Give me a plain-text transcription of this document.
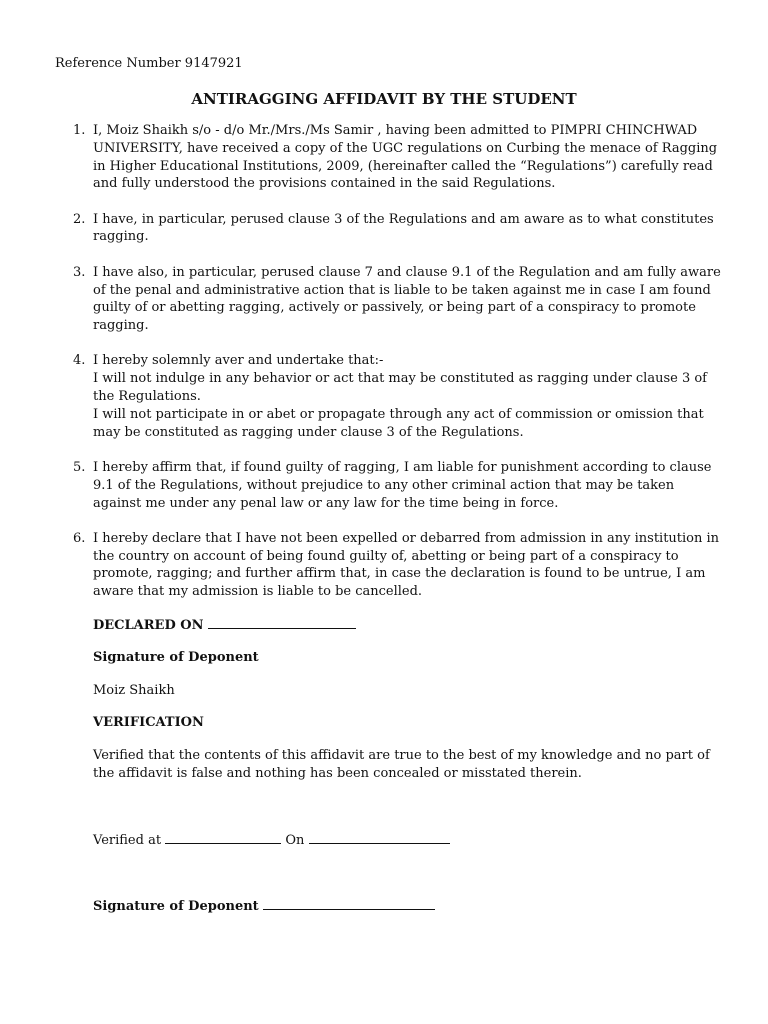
Reference Number 9147921
ANTIRAGGING AFFIDAVIT BY THE STUDENT
1. I, Moiz Shaikh s/o - d/o Mr./Mrs./Ms Samir , having been admitted to PIMPRI CHINCHWAD
UNIVERSITY, have received a copy of the UGC regulations on Curbing the menace of Ragging
in Higher Educational Institutions, 2009, (hereinafter called the “Regulations”) carefully read
and fully understood the provisions contained in the said Regulations.
2. I have, in particular, perused clause 3 of the Regulations and am aware as to what constitutes
ragging.
3. I have also, in particular, perused clause 7 and clause 9.1 of the Regulation and am fully aware
of the penal and administrative action that is liable to be taken against me in case I am found
guilty of or abetting ragging, actively or passively, or being part of a conspiracy to promote
ragging.
4. I hereby solemnly aver and undertake that:-
I will not indulge in any behavior or act that may be constituted as ragging under clause 3 of
the Regulations.
I will not participate in or abet or propagate through any act of commission or omission that
may be constituted as ragging under clause 3 of the Regulations.
5. I hereby affirm that, if found guilty of ragging, I am liable for punishment according to clause
9.1 of the Regulations, without prejudice to any other criminal action that may be taken
against me under any penal law or any law for the time being in force.
6. I hereby declare that I have not been expelled or debarred from admission in any institution in
the country on account of being found guilty of, abetting or being part of a conspiracy to
promote, ragging; and further affirm that, in case the declaration is found to be untrue, I am
aware that my admission is liable to be cancelled.
DECLARED ON
Signature of Deponent
Moiz Shaikh
VERIFICATION
Verified that the contents of this affidavit are true to the best of my knowledge and no part of
the affidavit is false and nothing has been concealed or misstated therein.
Verified at	On
Signature of Deponent
